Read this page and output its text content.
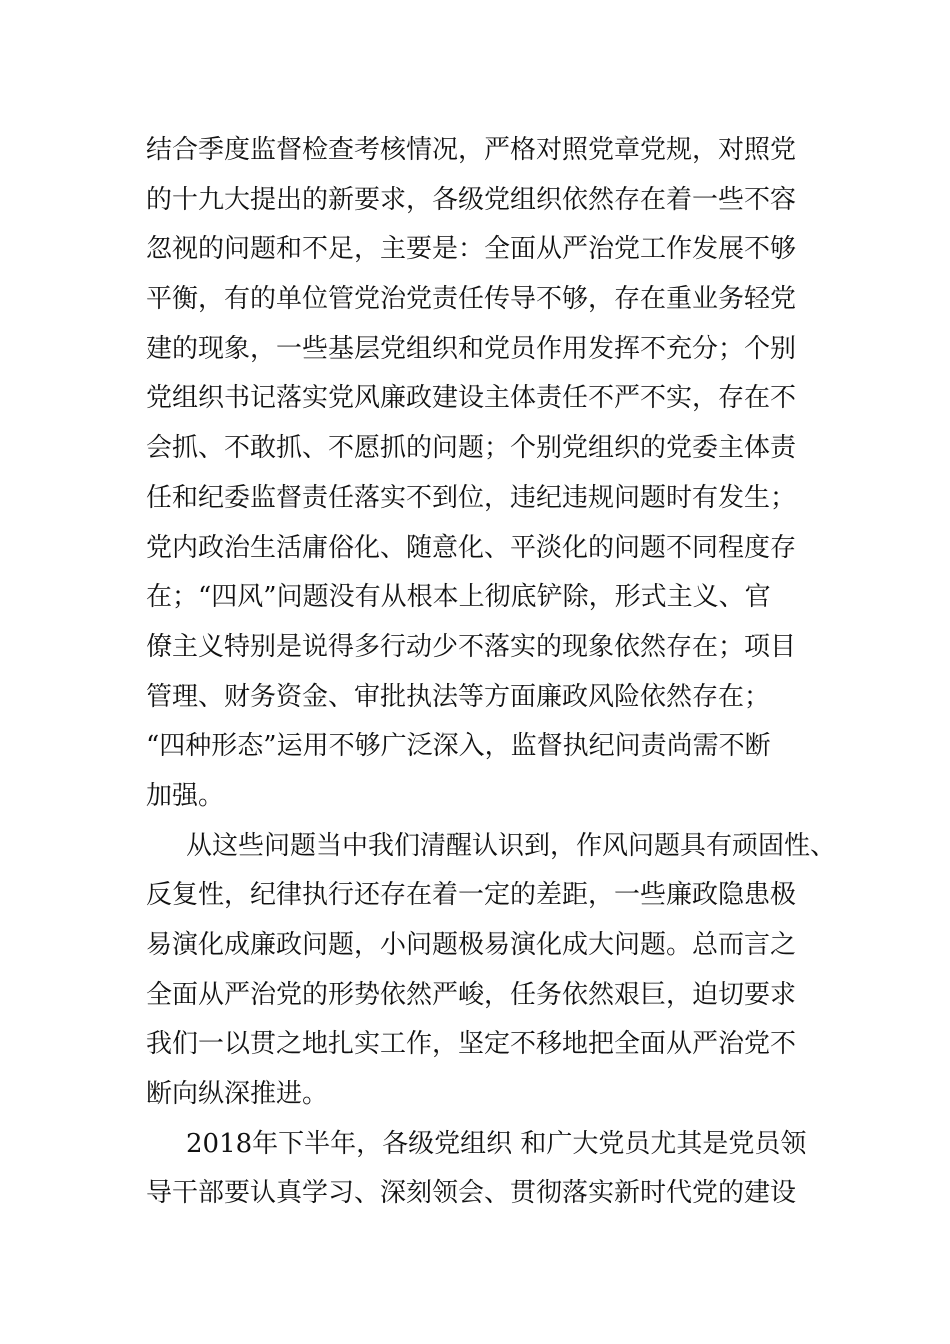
结合季度监督检查考核情况，严格对照党章党规，对照党
的十九大提出的新要求，各级党组织依然存在着一些不容
忽视的问题和不足，主要是：全面从严治党工作发展不够
平衡，有的单位管党治党责任传导不够，存在重业务轻党
建的现象，一些基层党组织和党员作用发挥不充分；个别
党组织书记落实党风廉政建设主体责任不严不实，存在不
会抓、不敢抓、不愿抓的问题；个别党组织的党委主体责
任和纪委监督责任落实不到位，违纪违规问题时有发生；
党内政治生活庸俗化、随意化、平淡化的问题不同程度存
在；“四风”问题没有从根本上彻底铲除，形式主义、官
僚主义特别是说得多行动少不落实的现象依然存在；项目
管理、财务资金、审批执法等方面廉政风险依然存在；
“四种形态”运用不够广泛深入，监督执纪问责尚需不断
加强。
从这些问题当中我们清醒认识到，作风问题具有顽固性、
反复性，纪律执行还存在着一定的差距，一些廉政隐患极
易演化成廉政问题，小问题极易演化成大问题。总而言之
全面从严治党的形势依然严峻，任务依然艰巨，迫切要求
我们一以贯之地扎实工作，坚定不移地把全面从严治党不
断向纵深推进。
2018年下半年，各级党组织 和广大党员尤其是党员领
导干部要认真学习、深刻领会、贯彻落实新时代党的建设
